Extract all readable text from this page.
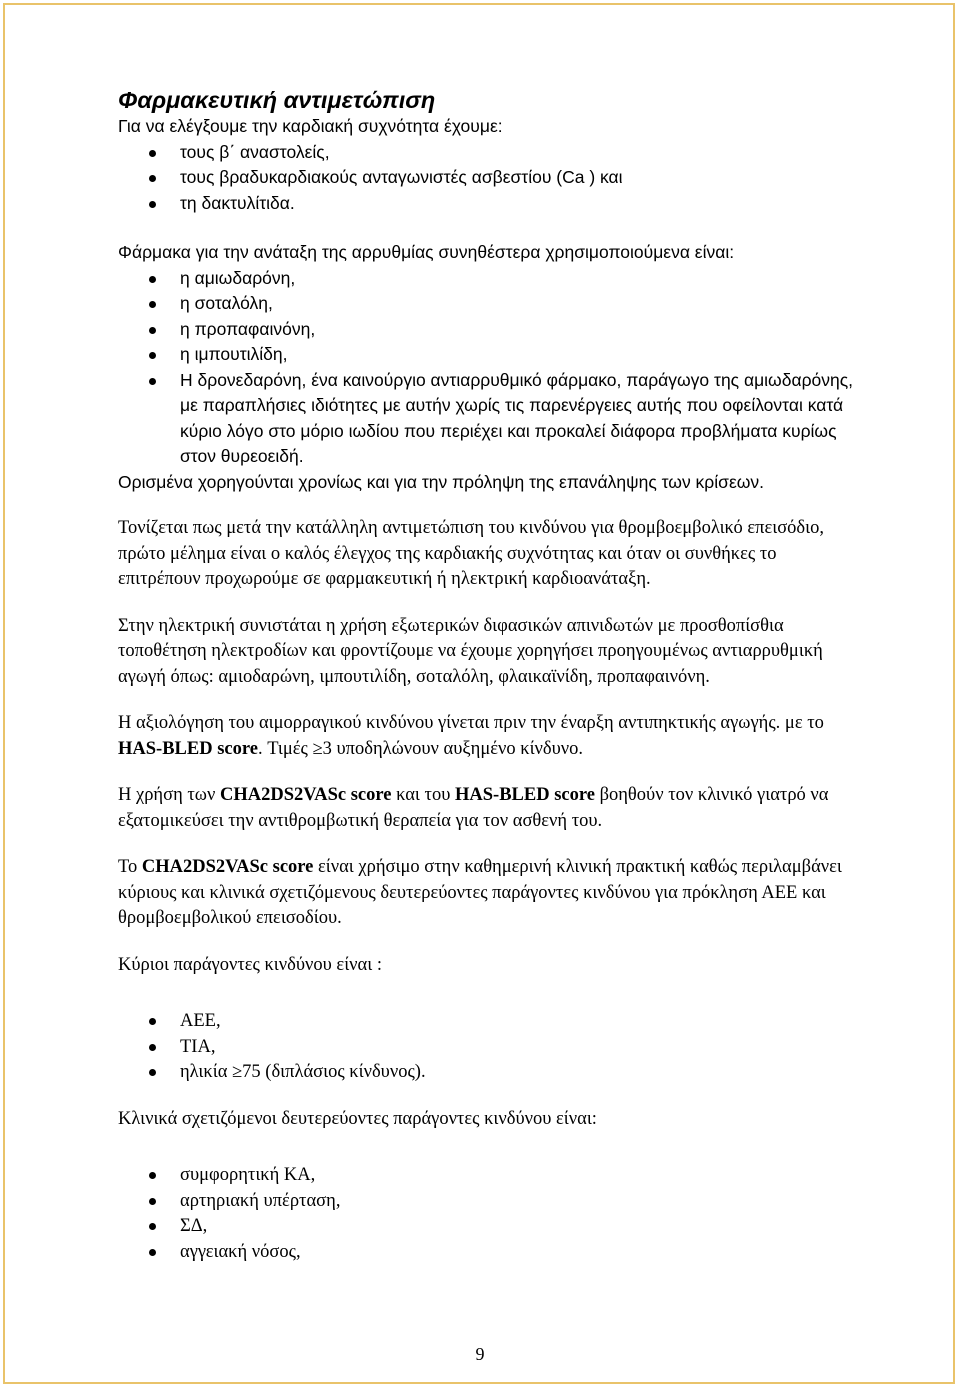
Φαρμακευτική αντιμετώπιση

Για να ελέγξουμε την καρδιακή συχνότητα έχουμε:

τους β΄ αναστολείς,
τους βραδυκαρδιακούς ανταγωνιστές ασβεστίου (Ca ) και
τη δακτυλίτιδα.

Φάρμακα για την ανάταξη της αρρυθμίας συνηθέστερα χρησιμοποιούμενα είναι:

η αμιωδαρόνη,
η σοταλόλη,
η προπαφαινόνη,
η ιμπουτιλίδη,
Η δρονεδαρόνη, ένα καινούργιο αντιαρρυθμικό φάρμακο, παράγωγο της αμιωδαρόνης, με παραπλήσιες ιδιότητες με αυτήν χωρίς τις παρενέργειες αυτής που οφείλονται κατά κύριο λόγο στο μόριο ιωδίου που περιέχει και προκαλεί διάφορα προβλήματα κυρίως στον θυρεοειδή.

Ορισμένα χορηγούνται χρονίως και για την πρόληψη της επανάληψης των κρίσεων.

Τονίζεται πως μετά την κατάλληλη αντιμετώπιση του κινδύνου για θρομβοεμβολικό επεισόδιο, πρώτο μέλημα είναι ο καλός έλεγχος της καρδιακής συχνότητας και όταν οι συνθήκες το επιτρέπουν προχωρούμε σε φαρμακευτική ή ηλεκτρική καρδιοανάταξη.

Στην ηλεκτρική συνιστάται η χρήση εξωτερικών διφασικών απινιδωτών με προσθοπίσθια τοποθέτηση ηλεκτροδίων και φροντίζουμε να έχουμε χορηγήσει προηγουμένως αντιαρρυθμική αγωγή όπως: αμιοδαρώνη, ιμπουτιλίδη, σοταλόλη, φλαικαϊνίδη, προπαφαινόνη.

Η αξιολόγηση του αιμορραγικού κινδύνου γίνεται πριν την έναρξη αντιπηκτικής αγωγής. με το HAS-BLED score. Τιμές ≥3 υποδηλώνουν αυξημένο κίνδυνο.

Η χρήση των CHA2DS2VASc score και του HAS-BLED score βοηθούν τον κλινικό γιατρό να εξατομικεύσει την αντιθρομβωτική θεραπεία για τον ασθενή του.

Το CHA2DS2VASc score είναι χρήσιμο στην καθημερινή κλινική πρακτική καθώς περιλαμβάνει κύριους και κλινικά σχετιζόμενους δευτερεύοντες παράγοντες κινδύνου για πρόκληση ΑΕΕ και θρομβοεμβολικού επεισοδίου.

Κύριοι παράγοντες κινδύνου είναι :

ΑΕΕ,
TIA,
ηλικία ≥75 (διπλάσιος κίνδυνος).

Κλινικά σχετιζόμενοι δευτερεύοντες παράγοντες κινδύνου είναι:

συμφορητική ΚΑ,
αρτηριακή υπέρταση,
ΣΔ,
αγγειακή νόσος,
9
